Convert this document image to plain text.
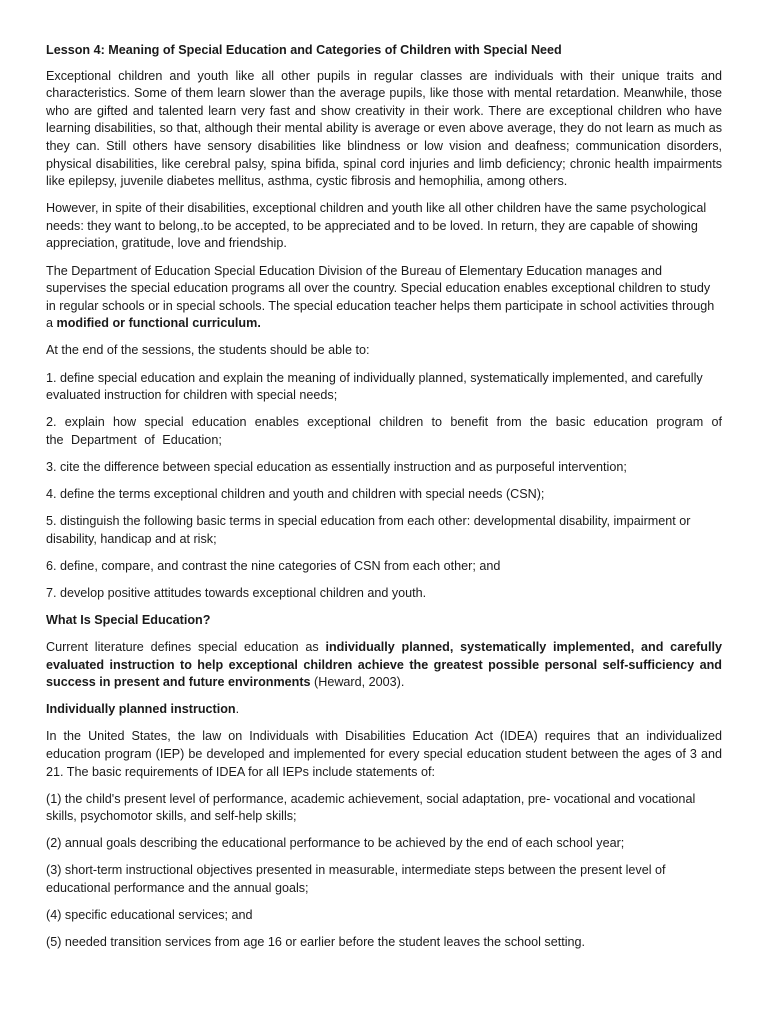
Lesson 4: Meaning of Special Education and Categories of Children with Special Need

Exceptional children and youth like all other pupils in regular classes are individuals with their unique traits and characteristics. Some of them learn slower than the average pupils, like those with mental retardation. Meanwhile, those who are gifted and talented learn very fast and show creativity in their work. There are exceptional children who have learning disabilities, so that, although their mental ability is average or even above average, they do not learn as much as they can. Still others have sensory disabilities like blindness or low vision and deafness; communication disorders, physical disabilities, like cerebral palsy, spina bifida, spinal cord injuries and limb deficiency; chronic health impairments like epilepsy, juvenile diabetes mellitus, asthma, cystic fibrosis and hemophilia, among others.

However, in spite of their disabilities, exceptional children and youth like all other children have the same psychological needs: they want to belong,.to be accepted, to be appreciated and to be loved. In return, they are capable of showing appreciation, gratitude, love and friendship.

The Department of Education Special Education Division of the Bureau of Elementary Education manages and supervises the special education programs all over the country. Special education enables exceptional children to study in regular schools or in special schools. The special education teacher helps them participate in school activities through a modified or functional curriculum.

At the end of the sessions, the students should be able to:

1. define special education and explain the meaning of individually planned, systematically implemented, and carefully evaluated instruction for children with special needs;

2. explain how special education enables exceptional children to benefit from the basic education program of the Department of Education;

3. cite the difference between special education as essentially instruction and as purposeful intervention;

4. define the terms exceptional children and youth and children with special needs (CSN);

5. distinguish the following basic terms in special education from each other: developmental disability, impairment or disability, handicap and at risk;

6. define, compare, and contrast the nine categories of CSN from each other; and

7. develop positive attitudes towards exceptional children and youth.

What Is Special Education?

Current literature defines special education as individually planned, systematically implemented, and carefully evaluated instruction to help exceptional children achieve the greatest possible personal self-sufficiency and success in present and future environments (Heward, 2003).

Individually planned instruction.

In the United States, the law on Individuals with Disabilities Education Act (IDEA) requires that an individualized education program (IEP) be developed and implemented for every special education student between the ages of 3 and 21. The basic requirements of IDEA for all IEPs include statements of:

(1) the child's present level of performance, academic achievement, social adaptation, pre- vocational and vocational skills, psychomotor skills, and self-help skills;

(2) annual goals describing the educational performance to be achieved by the end of each school year;

(3) short-term instructional objectives presented in measurable, intermediate steps between the present level of educational performance and the annual goals;

(4) specific educational services; and

(5) needed transition services from age 16 or earlier before the student leaves the school setting.
